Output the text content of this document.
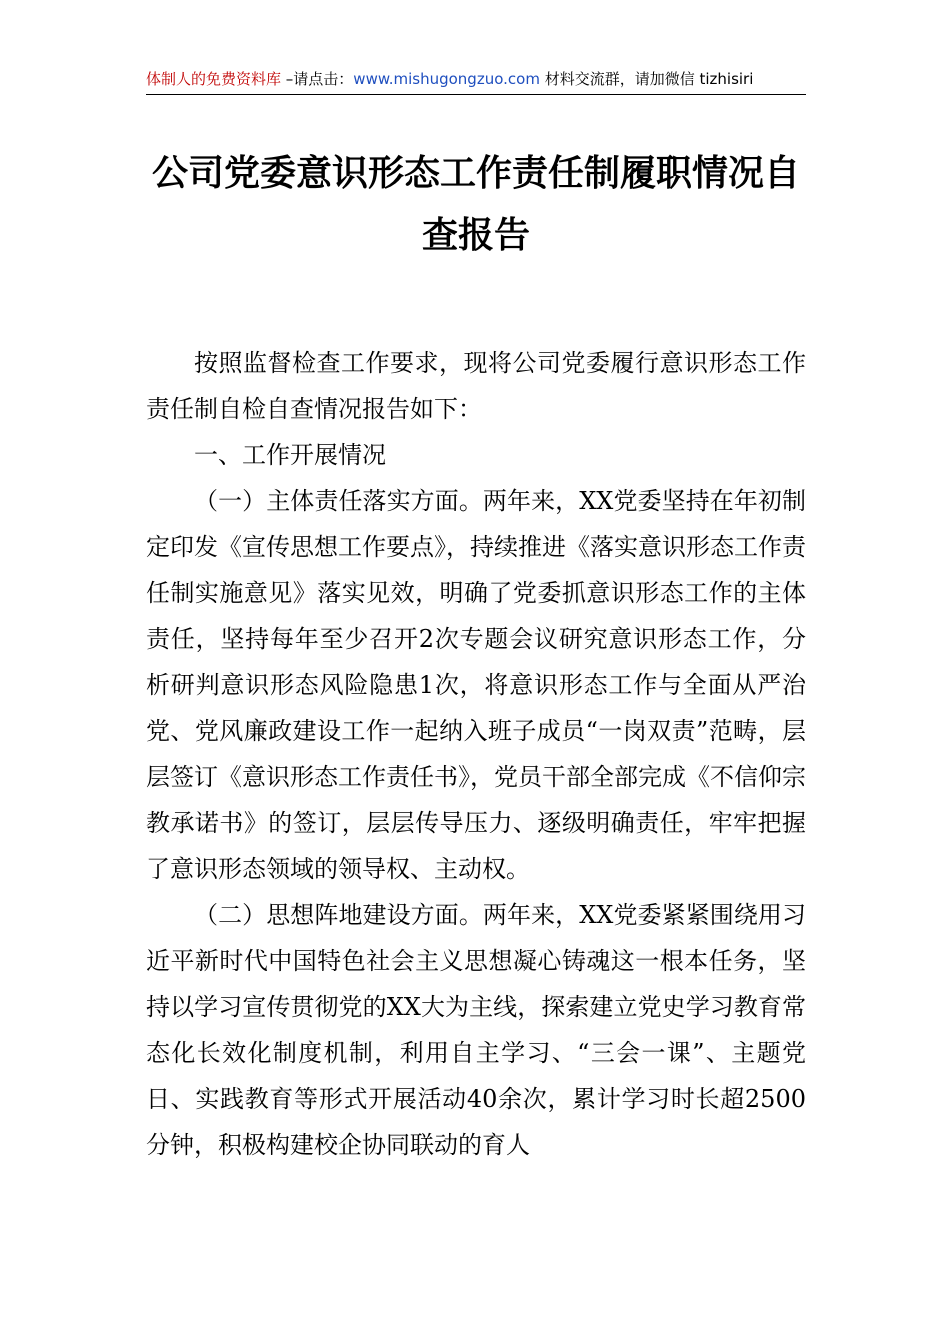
体制人的免费资料库 –请点击：www.mishugongzuo.com 材料交流群，请加微信 tizhisiri
公司党委意识形态工作责任制履职情况自
查报告

按照监督检查工作要求，现将公司党委履行意识形态工作责任制自检自查情况报告如下：

一、工作开展情况

（一）主体责任落实方面。两年来，XX党委坚持在年初制定印发《宣传思想工作要点》，持续推进《落实意识形态工作责任制实施意见》落实见效，明确了党委抓意识形态工作的主体责任，坚持每年至少召开2次专题会议研究意识形态工作，分析研判意识形态风险隐患1次，将意识形态工作与全面从严治党、党风廉政建设工作一起纳入班子成员“一岗双责”范畴，层层签订《意识形态工作责任书》，党员干部全部完成《不信仰宗教承诺书》的签订，层层传导压力、逐级明确责任，牢牢把握了意识形态领域的领导权、主动权。

（二）思想阵地建设方面。两年来，XX党委紧紧围绕用习近平新时代中国特色社会主义思想凝心铸魂这一根本任务，坚持以学习宣传贯彻党的XX大为主线，探索建立党史学习教育常态化长效化制度机制，利用自主学习、“三会一课”、主题党日、实践教育等形式开展活动40余次，累计学习时长超2500分钟，积极构建校企协同联动的育人
